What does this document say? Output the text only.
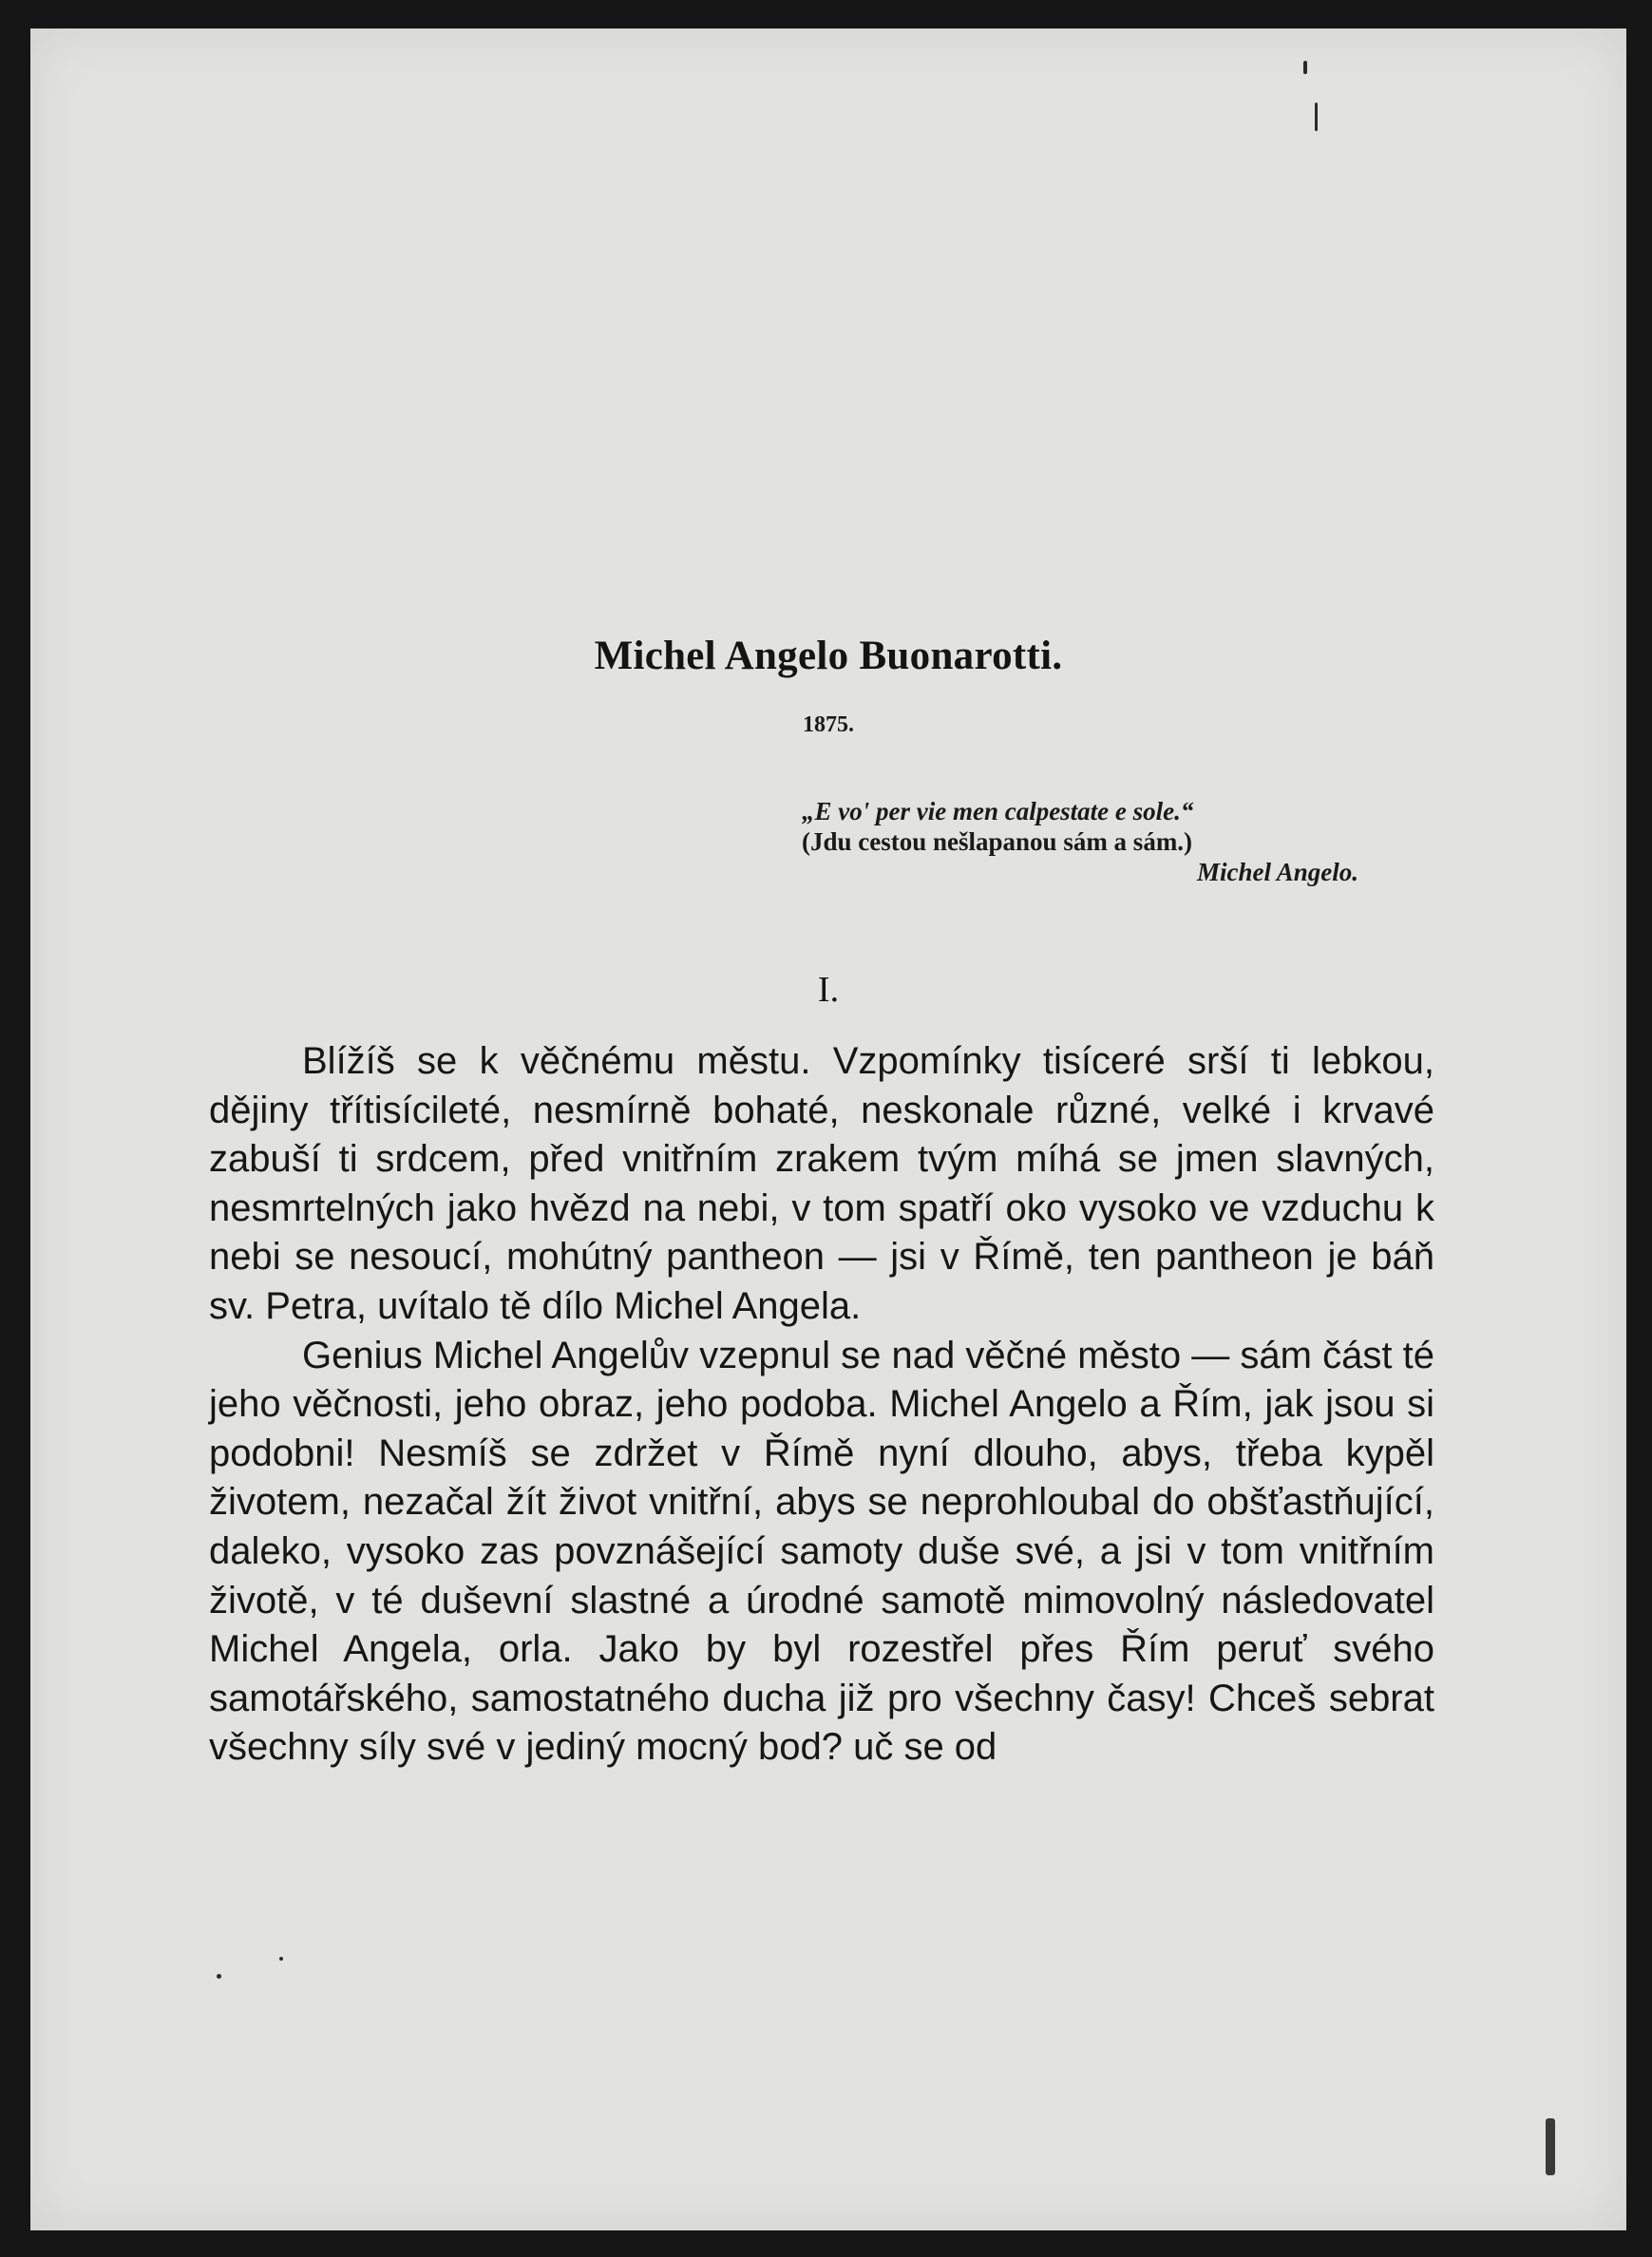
Michel Angelo Buonarotti.
1875.
„E vo' per vie men calpestate e sole.“
(Jdu cestou nešlapanou sám a sám.)
Michel Angelo.
I.

Blížíš se k věčnému městu. Vzpomínky tisíceré srší ti lebkou, dějiny třítisícileté, nesmírně bohaté, neskonale různé, velké i krvavé zabuší ti srdcem, před vnitřním zrakem tvým míhá se jmen slavných, nesmrtelných jako hvězd na nebi, v tom spatří oko vysoko ve vzduchu k nebi se nesoucí, mohútný pantheon — jsi v Římě, ten pantheon je báň sv. Petra, uvítalo tě dílo Michel Angela.

Genius Michel Angelův vzepnul se nad věčné město — sám část té jeho věčnosti, jeho obraz, jeho podoba. Michel Angelo a Řím, jak jsou si podobni! Nesmíš se zdržet v Římě nyní dlouho, abys, třeba kypěl životem, nezačal žít život vnitřní, abys se neprohloubal do obšťastňující, daleko, vysoko zas povznášející samoty duše své, a jsi v tom vnitřním životě, v té duševní slastné a úrodné samotě mimovolný následovatel Michel Angela, orla. Jako by byl rozestřel přes Řím peruť svého samotářského, samostatného ducha již pro všechny časy! Chceš sebrat všechny síly své v jediný mocný bod? uč se od
